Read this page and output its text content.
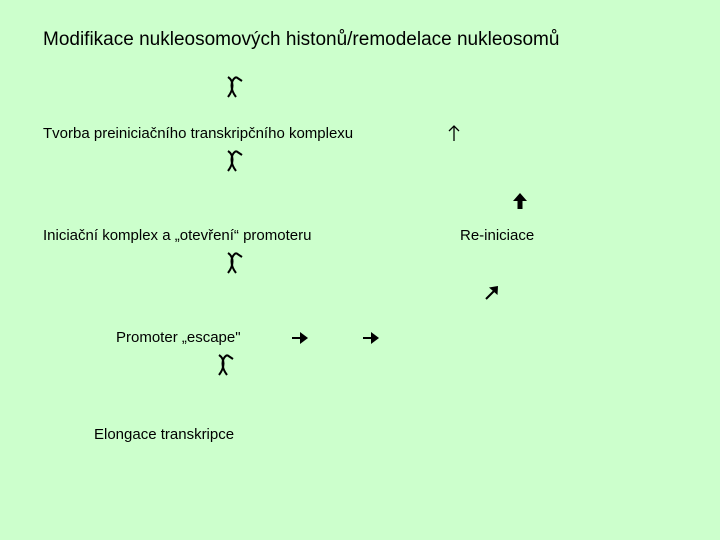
Modifikace nukleosomových histonů/remodelace nukleosomů
Tvorba preiniciačního transkripčního komplexu
Iniciační komplex a „otevření“ promoteru	Re-iniciace
Promoter „escape"
Elongace transkripce
